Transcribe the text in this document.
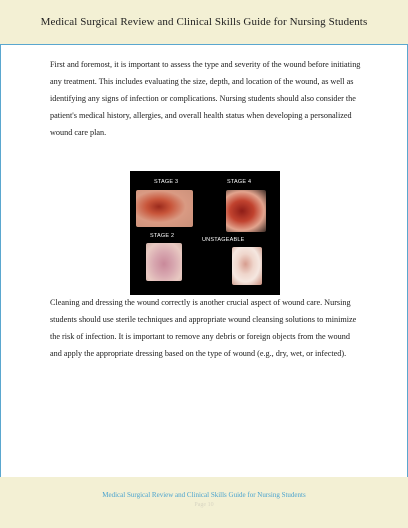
Medical Surgical Review and Clinical Skills Guide for Nursing Students

First and foremost, it is important to assess the type and severity of the wound before initiating any treatment. This includes evaluating the size, depth, and location of the wound, as well as identifying any signs of infection or complications. Nursing students should also consider the patient's medical history, allergies, and overall health status when developing a personalized wound care plan.

STAGE 3	STAGE 4
STAGE 2
UNSTAGEABLE

Cleaning and dressing the wound correctly is another crucial aspect of wound care. Nursing students should use sterile techniques and appropriate wound cleansing solutions to minimize the risk of infection. It is important to remove any debris or foreign objects from the wound and apply the appropriate dressing based on the type of wound (e.g., dry, wet, or infected).

Medical Surgical Review and Clinical Skills Guide for Nursing Students
Page 10
